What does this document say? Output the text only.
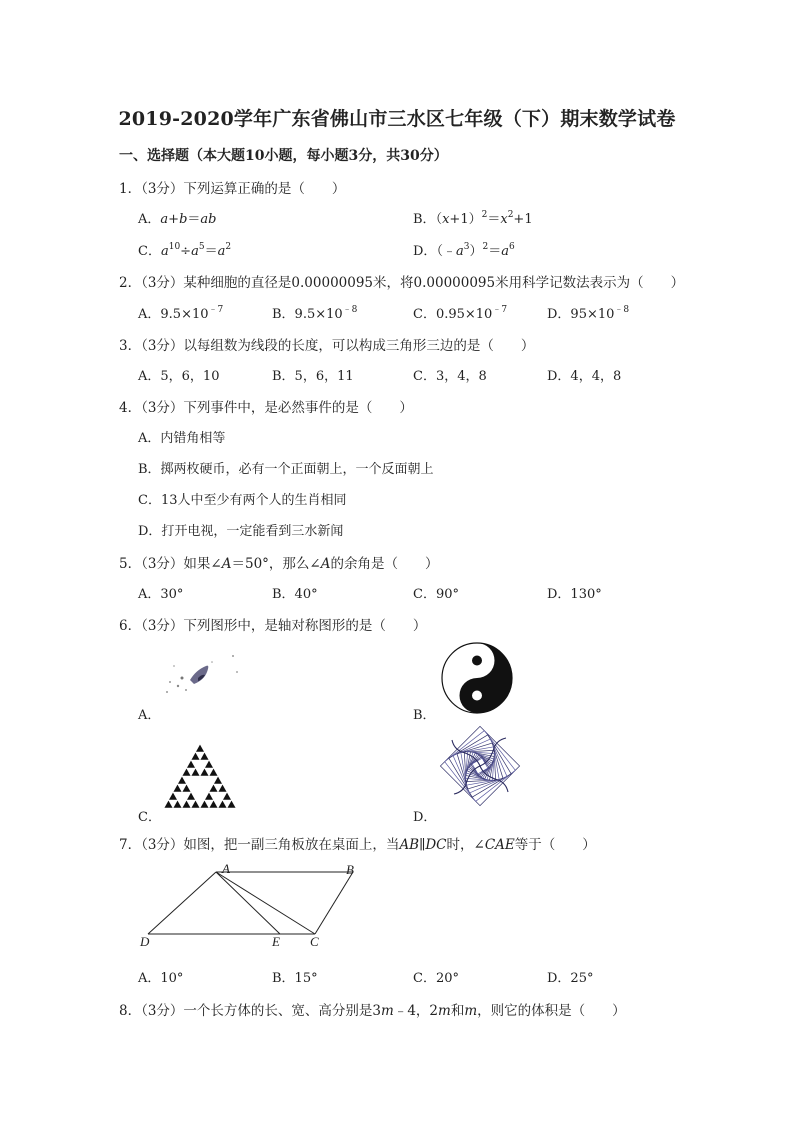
2019-2020学年广东省佛山市三水区七年级（下）期末数学试卷
一、选择题（本大题10小题，每小题3分，共30分）
1．（3分）下列运算正确的是（　　）
A．a+b＝ab	B．$(x+1)^2=x^2+1$
C．$a^{10}\div a^5=a^2$	D．$(﹣a^3)^2=a^6$
2．（3分）某种细胞的直径是0.00000095米，将0.00000095米用科学记数法表示为（　　）
A．$9.5\times 10^{﹣7}$	B．$9.5\times 10^{﹣8}$	C．$0.95\times 10^{﹣7}$	D．$95\times 10^{﹣8}$
3．（3分）以每组数为线段的长度，可以构成三角形三边的是（　　）
A．5，6，10	B．5，6，11	C．3，4，8	D．4，4，8
4．（3分）下列事件中，是必然事件的是（　　）
A．内错角相等
B．掷两枚硬币，必有一个正面朝上，一个反面朝上
C．13人中至少有两个人的生肖相同
D．打开电视，一定能看到三水新闻
5．（3分）如果∠A＝50°，那么∠A的余角是（　　）
A．30°	B．40°	C．90°	D．130°
6．（3分）下列图形中，是轴对称图形的是（　　）
A．	B．
C．	D．
7．（3分）如图，把一副三角板放在桌面上，当AB∥DC时，∠CAE等于（　　）
A	B
C
D	E
A．10°	B．15°	C．20°	D．25°
8．（3分）一个长方体的长、宽、高分别是3m﹣4，2m和m，则它的体积是（　　）
